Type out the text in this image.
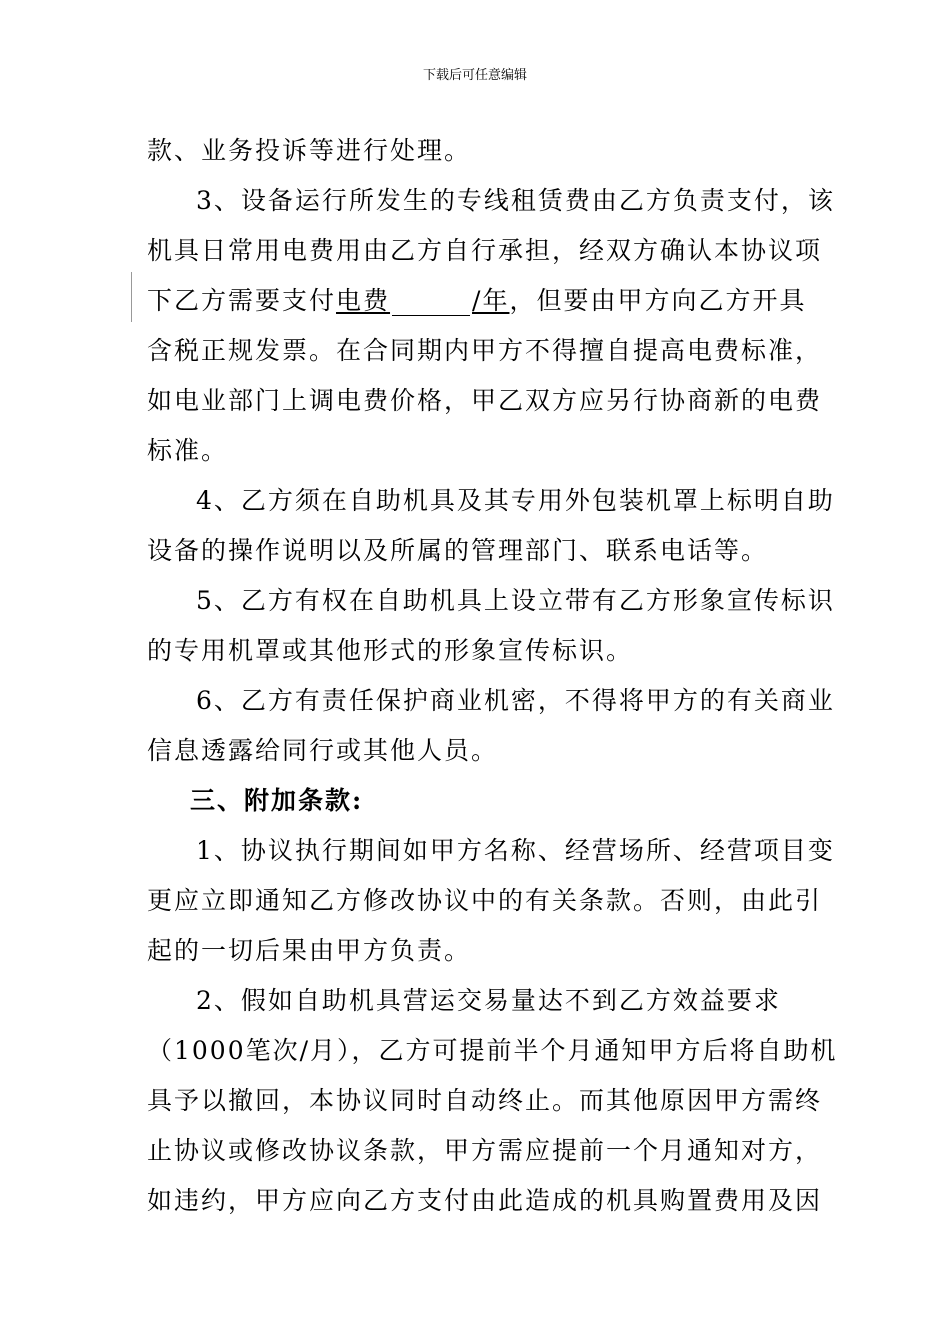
下载后可任意编辑
款、业务投诉等进行处理。
3、设备运行所发生的专线租赁费由乙方负责支付，该
机具日常用电费用由乙方自行承担，经双方确认本协议项
下乙方需要支付电费	/年，但要由甲方向乙方开具
含税正规发票。在合同期内甲方不得擅自提高电费标准，
如电业部门上调电费价格，甲乙双方应另行协商新的电费
标准。
4、乙方须在自助机具及其专用外包装机罩上标明自助
设备的操作说明以及所属的管理部门、联系电话等。
5、乙方有权在自助机具上设立带有乙方形象宣传标识
的专用机罩或其他形式的形象宣传标识。
6、乙方有责任保护商业机密，不得将甲方的有关商业
信息透露给同行或其他人员。
三、附加条款:
1、协议执行期间如甲方名称、经营场所、经营项目变
更应立即通知乙方修改协议中的有关条款。否则，由此引
起的一切后果由甲方负责。
2、假如自助机具营运交易量达不到乙方效益要求
（1000笔次/月），乙方可提前半个月通知甲方后将自助机
具予以撤回，本协议同时自动终止。而其他原因甲方需终
止协议或修改协议条款，甲方需应提前一个月通知对方，
如违约，甲方应向乙方支付由此造成的机具购置费用及因
